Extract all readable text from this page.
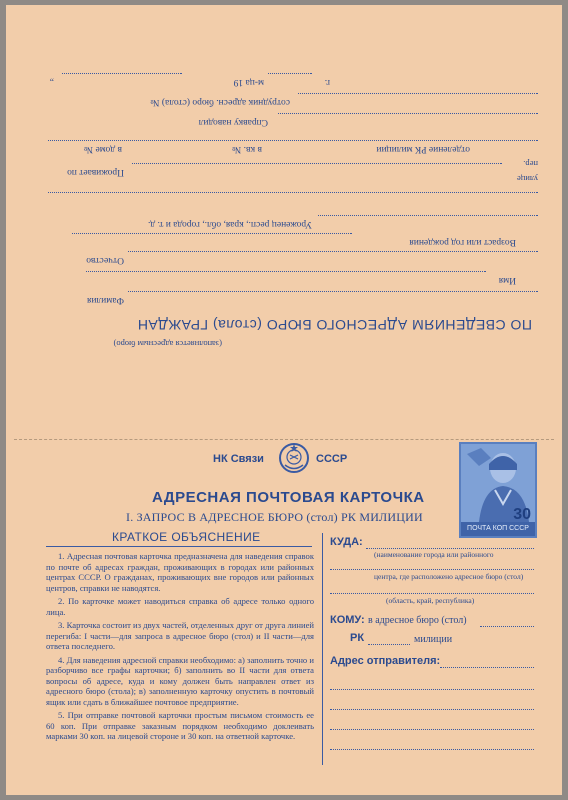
(заполняется адресным бюро)
ПО СВЕДЕНИЯМ АДРЕСНОГО БЮРО (стола) ГРАЖДАН
Фамилия
Имя
Отчество
Возраст или год рождения
Уроженец респ., края, обл., города и т. д.
Проживает по
улице
пер.
в доме №	в кв. №	отделение РК милиции
Справку наводил
сотрудник адресн. бюро (стола) №
„	м-ца 19	г.
НК Связи	СССР
ПОЧТА КОП СССР
30
АДРЕСНАЯ ПОЧТОВАЯ КАРТОЧКА
I. ЗАПРОС В АДРЕСНОЕ БЮРО (стол) РК МИЛИЦИИ
КРАТКОЕ ОБЪЯСНЕНИЕ

1. Адресная почтовая карточка предназначена для наведения справок по почте об адресах граждан, проживающих в городах или районных центрах СССР. О гражданах, проживающих вне городов или районных центров, справки не наводятся.

2. По карточке может наводиться справка об адресе только одного лица.

3. Карточка состоит из двух частей, отделенных друг от друга линией перегиба: I части—для запроса в адресное бюро (стол) и II части—для ответа последнего.

4. Для наведения адресной справки необходимо: а) заполнить точно и разборчиво все графы карточки; б) заполнить во II части для ответа вопросы об адресе, куда и кому должен быть направлен ответ из адресного бюро (стола); в) заполненную карточку опустить в почтовый ящик или сдать в ближайшее почтовое предприятие.

5. При отправке почтовой карточки простым письмом стоимость ее 60 коп. При отправке заказным порядком необходимо доклеивать марками 30 коп. на лицевой стороне и 30 коп. на ответной карточке.

КУДА:
(наименование города или районного
центра, где расположено адресное бюро (стол)
(область, край, республика)
КОМУ: в адресное бюро (стол)
РК	милиции
Адрес отправителя:
